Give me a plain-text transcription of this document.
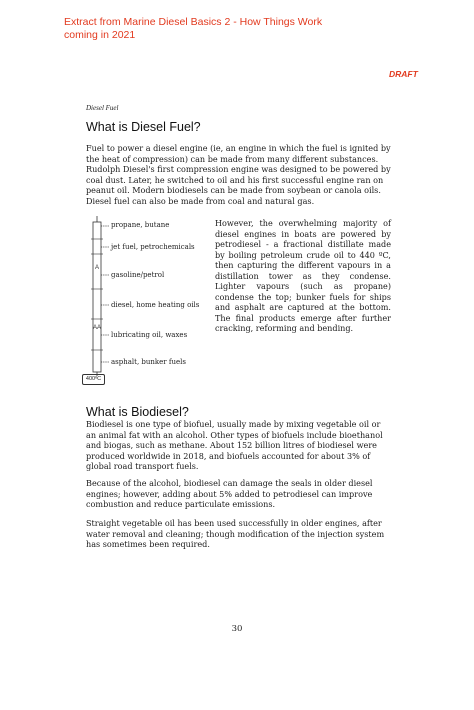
Extract from Marine Diesel Basics 2 - How Things Work
coming in 2021
DRAFT
Diesel Fuel
What is Diesel Fuel?
Fuel to power a diesel engine (ie, an engine in which the fuel is ignited by the heat of compression) can be made from many different substances. Rudolph Diesel's first compression engine was designed to be powered by coal dust. Later, he switched to oil and his first successful engine ran on peanut oil. Modern biodiesels can be made from soybean or canola oils. Diesel fuel can also be made from coal and natural gas.
A
AA
propane, butane
jet fuel, petrochemicals
gasoline/petrol
diesel, home heating oils
lubricating oil, waxes
asphalt, bunker fuels
400ºC
However, the overwhelming majority of diesel engines in boats are powered by petrodiesel - a fractional distillate made by boiling petroleum crude oil to 440 ºC, then capturing the different vapours in a distillation tower as they condense. Lighter vapours (such as propane) condense the top; bunker fuels for ships and asphalt are captured at the bottom. The final products emerge after further cracking, reforming and bending.
What is Biodiesel?
Biodiesel is one type of biofuel, usually made by mixing vegetable oil or an animal fat with an alcohol. Other types of biofuels include bioethanol and biogas, such as methane. About 152 billion litres of biodiesel were produced worldwide in 2018, and biofuels accounted for about 3% of global road transport fuels.
Because of the alcohol, biodiesel can damage the seals in older diesel engines; however, adding about 5% added to petrodiesel can improve combustion and reduce particulate emissions.
Straight vegetable oil has been used successfully in older engines, after water removal and cleaning; though modification of the injection system has sometimes been required.
30
